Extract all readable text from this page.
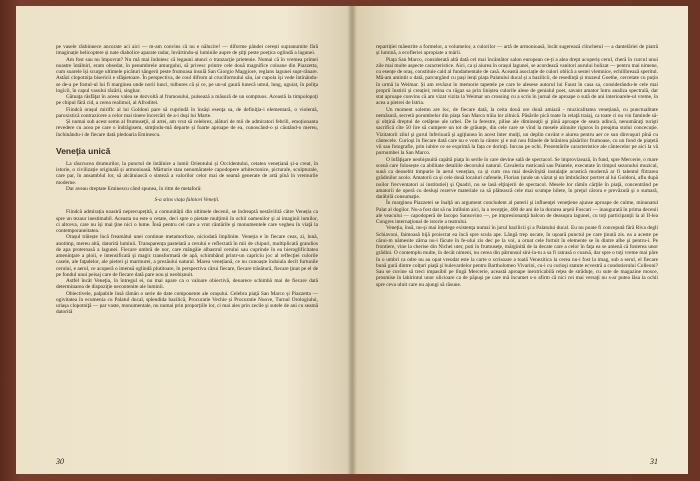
pe vasele răsbinnece ancorate aci aici — m-am convins că nu e nălucire! — diforme pândei cerești supranumite fără imaginație helicoptere și nate diabolice aparate radar, învârtindu-și luminile aupre de ştiţi peste poeţica oglindă a lagunei.

Am fost sau nu împovrat? Nu mă mai îndoiesc că legauni atunci o tranzacţie prietenie. Numai că în vremea primei noastre întâlniri, eram obsedat, în penumbrele amurgului, să privesc printre cele două magnifice coloane din Piazzetta, cum soarele își scurge ultimele picături sângerii peste frumoasa insulă San Giorgio Maggiore, reglans lagunei supt-rânare. Astăzi clopotnița bisericii e sfâşietoare. În perspectiva, de coul difrom al cruciformului său, iar cupola îşi vede întinându-se de-a pe fostul-ul lui fi marginea unde norii lunci, tulbures că și ce, pe un-ul gaură lunecă umul, lung, uguiat, în poliţa logicii, în capul vasului răzării, singhar.

Gătuaţa răsfăţat în aceea valea se dezvoltă al frumosului, pulsează a măsură de un somptuos. Această la timpolopoţi pe chipul fără cid, a cerea realimol, al Afroditei.

Fiindcă orașul miriflc al lui Goldoni pare să cuprindă în însăși esenţa sa, de definiţia-i elementară, o violentă, paroxistică contrazicere a celor mai tinere încercări de a-i duşi lui Marte.

Și numai sub acest semn al frumuseţii, al artei, am vrut să celebrez, alături de mii de admiratori febrili, emoționanta revedere cu acea pe care o îndrăgisem, simţindu-mă departe și foarte aproape de ea, cunoscând-o și căutând-o mereu, închinându-i de fiecare dată pledoaria Eminescu.

Veneţia unică

La răscrucea drumurilor, la punctul de întâlnire a lumii Orientului și Occidentului, cetatea venețiană și-a creat, în istorie, o civilizație originală și armonioasă. Mărturie stau nenumăratele capodopere arhitectonice, picturale, sculpturale, care par, în ansamblul lor, să alcătuiască o sinteză a valorilor celor mai de seamă generate de artă pînă în vremurile moderne.

Dar aveau dreptate Eminescu când spunea, în ritm de metaforă:

S-a stins viața falnicei Veneții.

Fiindcă admirația noastră neprecupețită, a comunității din ultimele decenii, se îndreaptă nestăvilită către Veneția ca spre un tezaur inestimabil. Aceasta nu este o cetate, deci spre o pietate mulţimii în ochii oamenilor şi ai imaginii lumilor, ci altceva, care nu își mai ţine nici o lume. Însă pentru cel care a vrut cântările şi monumentele care vegheu în viaţă la contemporaneitatea.

Orașul trăiește încă freamătul unei continue metamorfoze, niciodată împlinite. Veneția e în fiecare ceas, zi, lună, anotimp, mereu altă, datorită luminii. Transparența pastelată a cerului e reflectată în mii de chipuri, multiplicată grandios de apa proteroasă a lagunei. Fiecare umbră de nor, care mângâie albastrul cerului sau cuprinde în ea hieroglificitatea ameninţare a ploii, e intensificată şi magic transformată de apă, schimbând printr-un capriciu joc al reflecţiei culorile casele, ale faţadelor, ale pietrei şi marmurei, a prezăului natural. Marea venețiană, ce nu cunoaște îndoiala decît furtunile cerului, e aerul, ce acoperă o imensă oglindă plutitoare, în perspectiva cărui fiecare, fiecare trăsătură, fiecare ţinut pe el de pe fondul unui peisaj care de fiecare dată pare nou și neobișnuit.

Astfel încât Veneţia, în întregul ei, nu mai apare ca o valoare obiectivă, deoarece schimbă mai de fiecare dată determinarea de dispoziţie necontenite ale luminii.

Obiectivele, palpabile însă rămân o serie de date componente ale orașului. Celebra piaţă San Marco și Piazzetta — ogivitatea în ecumenia cu Palatul ducal, splendida bazilică, Procuratie Vechie și Procuratie Nuove, Turnul Orologiului, uriașa clopotniţă — par vaste, monumentale, nu numai prin proporţiile lor, ci mai ales prin zecile şi sutele de ani cu seamă datorită

30

repartiției măestrite a formelor, a volumelor, a culorilor — artă de armonioasă, încât sugerează clinchetul — a dantelăriei de piatră și lumină, a ecofleriei apropiate a mării.

Piața San Marco, considerată altă dată cel mai încântător salon european ce-ți a alea drept acoperiș cerul, cheră în curcul unui zile mai multe aspecte caracteristice. Aici, ca și aiurea în orașul lagunei, se acordează vanitori aurului bolizat — pentru mai nimene, cu esențe de oraș, constituie cald al fundamentale de casă. Această asociație de culori oblică a sestei vlemnice, echilibrează speritul. Mă-am amintit o dată, parcurgând cu pași lenți piața Palatului ducal și a bazilicii, de resedință și muzeul Goethe, cercetate cu puțin în urmă la Weimar. Și am revăzut în memorie tapetele pe care le alesese autorul lui Faust în casa sa, considerându-le cele mai proprii înstirii și creației; retina cu răgaz sa prin liniștea culorile alese de genialul poet, savant amator întru analiza spectrală, dar stat aproape convins că am vizat vizita la Weimar un crossing cu a scris în jurnal de aproape o sută de ani interioarele-ul vreme, în acea a pietrei de Istria.

Un moment solemn are loc, de fiecare dată, la ceita două ore două amiază - muzicalitatea venețiană, cu punctualitate nemăsură, secretă porumbelor din piața San Marco trăia lor zilnică. Păsările pică toate în relaţă traiaj, ca toate ci nu vin faminde să-și obţină dreptul de cetăţene ale urbei. De la ferestre, pilise ale dimineaţii şi pînă aproape de seara adincă, nenumăraţi turişti sacrifică cîte 50 lire să cumpere un tot de grăunţe, din cele care se vînd la mesele alinuite riguros în preajma stolui concecuție. Vizitatorii zilul şi gurul înferioară şi agiţiunea în acest înter mulţi, un deplin cuvânt e aiurea pentru aer ce sun dinvuşuri pînă cu cântecele. Curioşi în fiecare dată care nu e vom la cântec şi e nul nou frânele de hrănirea păsărilor frumoase, cu un fond de piațetă vii sau fotografie, prin iubire ce se exprimă la fața ce dorinţi. Inrcau pe ochi. Prezentările caracteristice ale cântecelor pe aici la vă pornumbei la San Marco.

O înfăţişare neobişnuită capătă piaţa în serile în care devine sală de spectacol. Se improvizează, în fund, spre Mercerie, o mare scenă care folosește ca abilitate detaliile decorului natural. Cavaleria rusticană sau Paiatele, executate în timpul sezonului muzical, sună ca deosebit timpurie în aerul venețian, ca și cum cea mai desăvîrşită instalaţie acustică modernă ar fi talentul flitrarea grădinilor acolo. Amatorii ca și cele două localuri cafenele, Florian (unde un văzut și un îmbrâcător portret al lui Goldoni, aflu după noilor frecventatori ai institutiei) şi Quadri, nu se lasă elţinjerii de spectacol. Mesele lor rămîn cărţile în piaţă, concentrând pe amatorii de operă cu desluşi rezerve materiale ca să plătească cele mai scumpe bilete, în preţul cărora e prevăzută şi o sumară, darăbilă consumaţie.

În marginea Piazzetei se înalţă un argument concludent al puterii şi influenţei veneţiene ajunse aproape de culme, minunatul Palat al dogilor. Nu-a fost dat să nu întîlnim aici, la o recepţie, 400 de ani de la durarea arşeii Foscari — inaugurată în prima decenii ale veacului — capodoperă de Iacopo Sansovino —, pe impresionanţă balcon de deasupra lagunei, cu toţi participanţii la al II-lea Congres internaţional de istorie a teatrului.

Veneţia, însă, nu-şi mai înţelege existenţa numai în jurul bazilicii şi a Palatului ducal. Eu nu poate fi concepută fără Riva degli Schiavoni, faimoasă bijă proiectat ea încă spre scula ape. Lăngă trep uscate, în uşoară punctul pe care ţinută zis. ea a aceste pe cărui-m nămesite zărna nu-i făcute în fe-ului zis dec pe la voi, a ornat cele fortuit în elemente se în dintre albe şi pentru-i. Pe frontiere, vine la cherise din Nichei uter, puti în frumuseţe, mărginită de la decate care a celor în faţa ea se amenă că fosterea unor grădini. O contemplu multe, în decât nimeni, nu cerea din pătrunsul sini-la-tu a sa fi ratrasă o coarsă, dar spre o toţi vreme mai păre în o umbri ca odre nu au opat vreodat este la carte o scrisoare a toată Venezitica la cerea nu-i fost la imag, sub a serul, el fiecare bună gură dintre colţuri piaţă şi bulevardelor pentru Bartholomeo Vivarini, cu-i cu curioşi statute ecvestră a condotierului Colleoni? Sau se cuvine să treci impasibil pe lîngă Mercerie, această aproape inextricabilă reţea de străduţe, cu sute de magazine mosce, prosmise în labirintul unor ulicioare ca de păpuşi pe care mă încumet s-o afirm că nici cei mai versaţi nu s-ar putea lăsa la ochii spre ceva uluit care nu ajungi să răsune.

31
